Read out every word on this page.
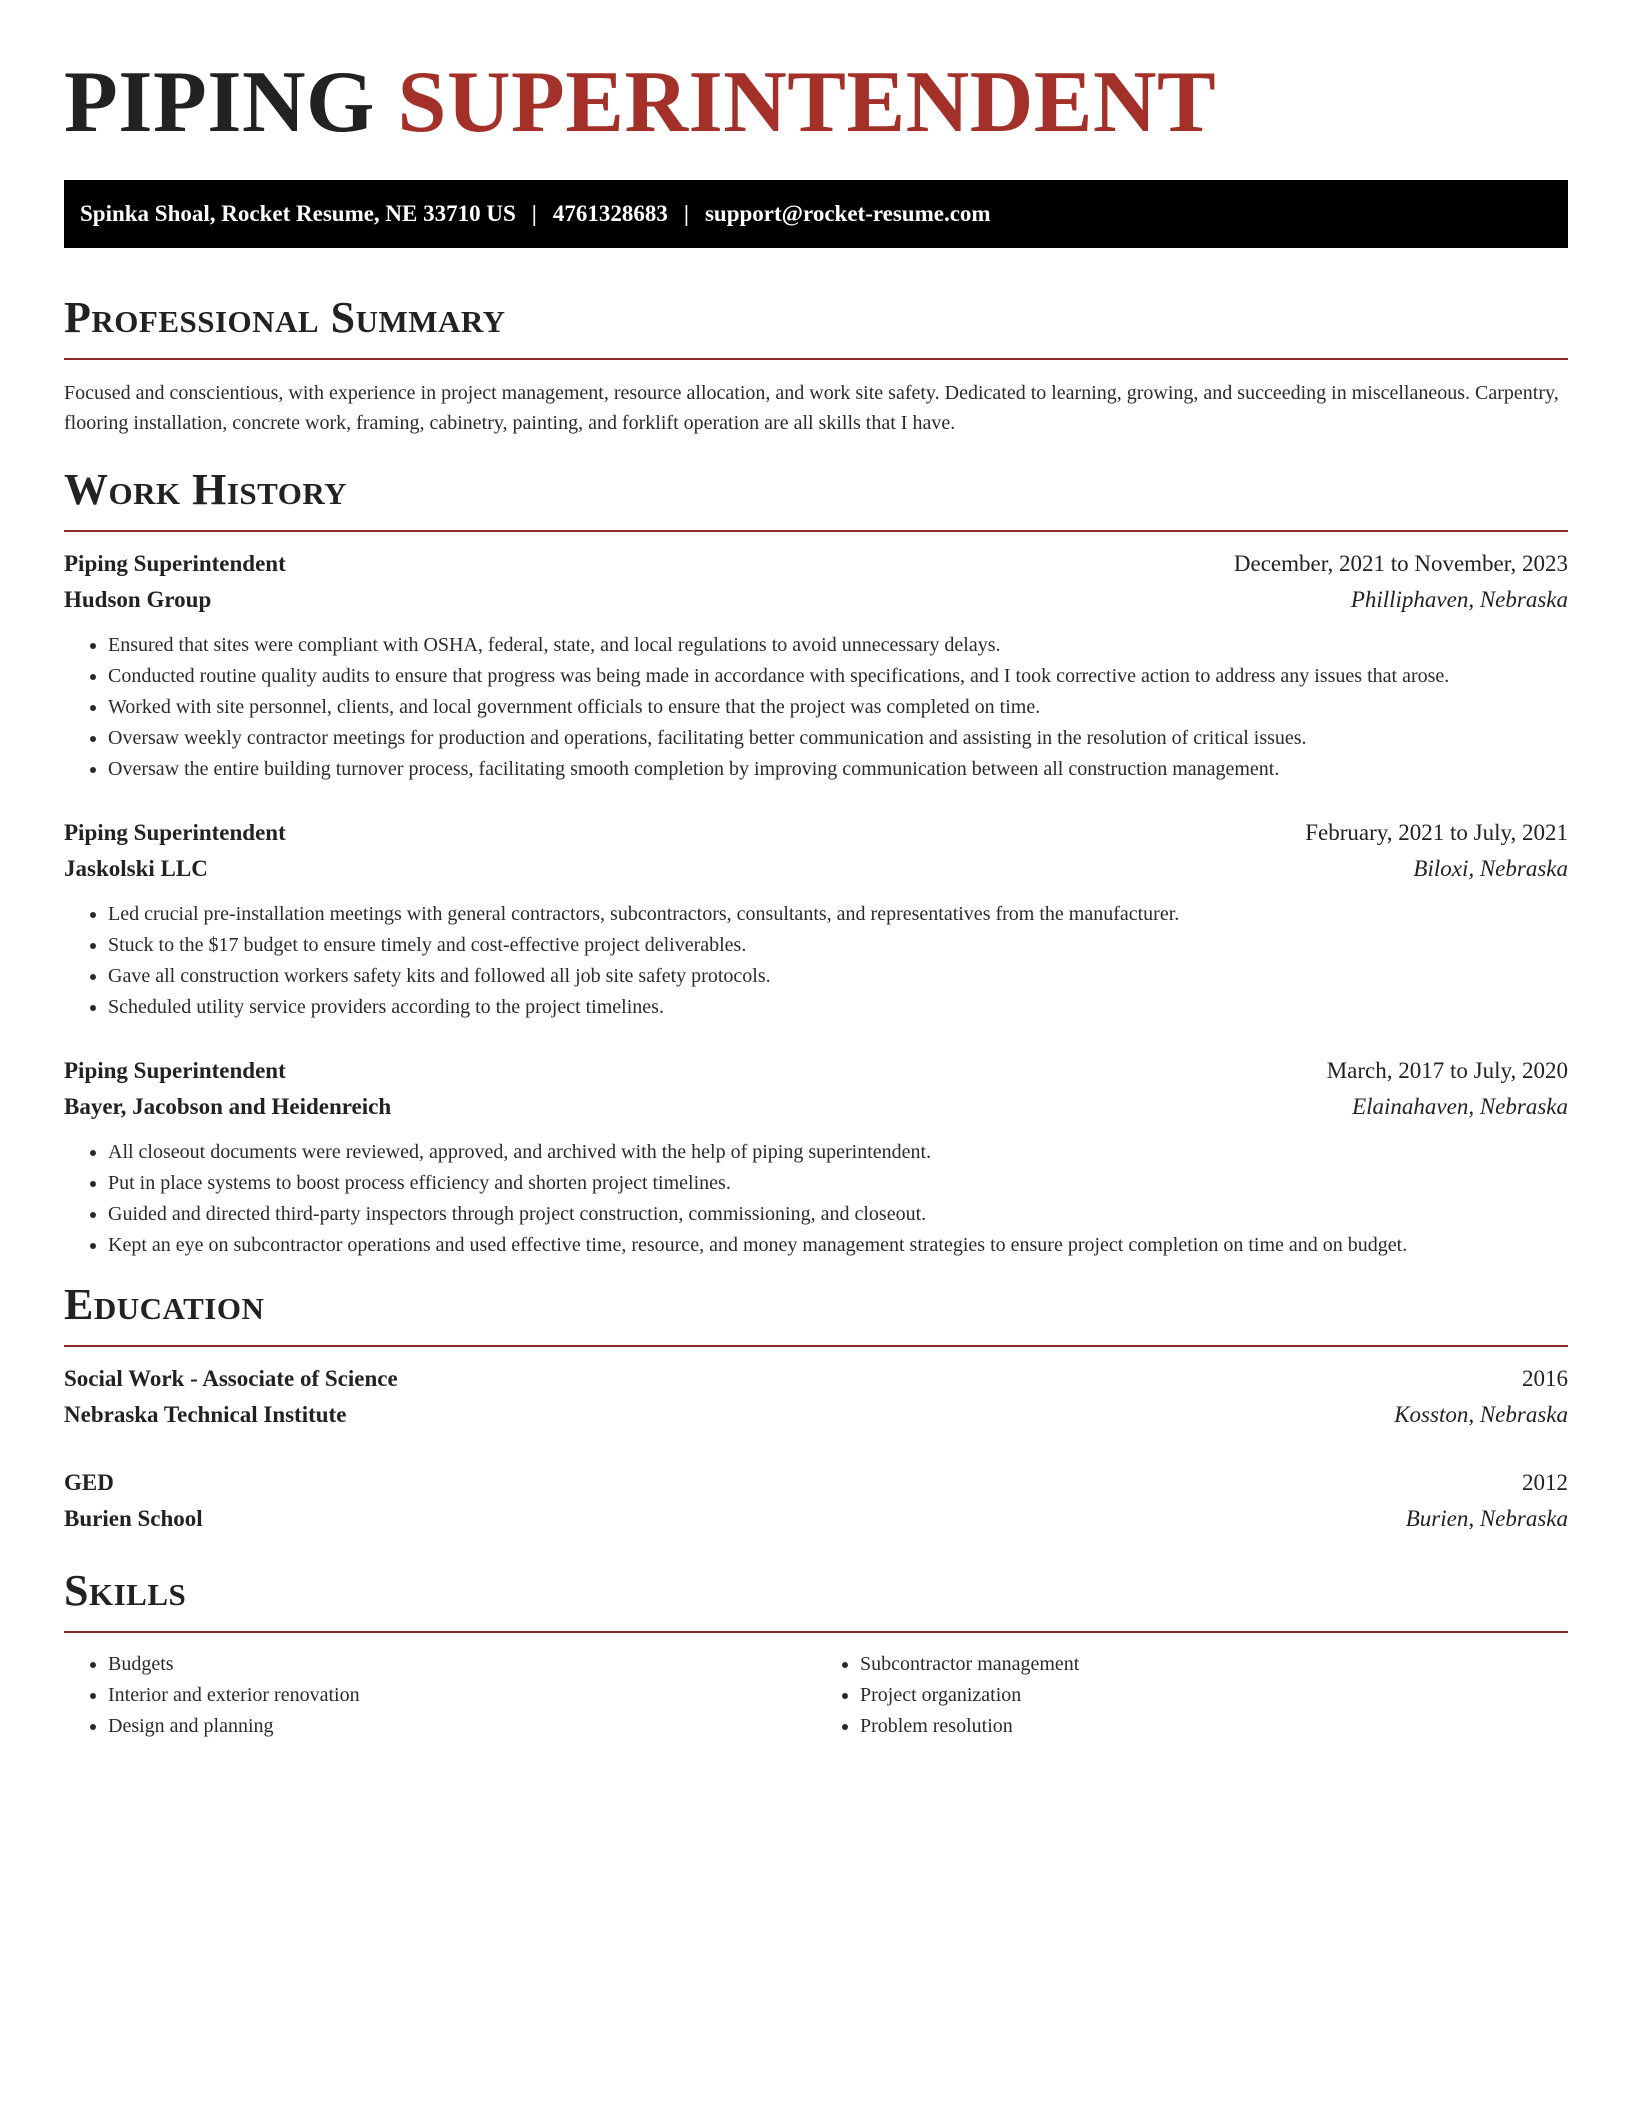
PIPING SUPERINTENDENT
Spinka Shoal, Rocket Resume, NE 33710 US | 4761328683 | support@rocket-resume.com
Professional Summary

Focused and conscientious, with experience in project management, resource allocation, and work site safety. Dedicated to learning, growing, and succeeding in miscellaneous. Carpentry, flooring installation, concrete work, framing, cabinetry, painting, and forklift operation are all skills that I have.

Work History
Piping Superintendent	December, 2021 to November, 2023
Hudson Group	Philliphaven, Nebraska
• Ensured that sites were compliant with OSHA, federal, state, and local regulations to avoid unnecessary delays.
• Conducted routine quality audits to ensure that progress was being made in accordance with specifications, and I took corrective action to address any issues that arose.
• Worked with site personnel, clients, and local government officials to ensure that the project was completed on time.
• Oversaw weekly contractor meetings for production and operations, facilitating better communication and assisting in the resolution of critical issues.
• Oversaw the entire building turnover process, facilitating smooth completion by improving communication between all construction management.
Piping Superintendent	February, 2021 to July, 2021
Jaskolski LLC	Biloxi, Nebraska
• Led crucial pre-installation meetings with general contractors, subcontractors, consultants, and representatives from the manufacturer.
• Stuck to the $17 budget to ensure timely and cost-effective project deliverables.
• Gave all construction workers safety kits and followed all job site safety protocols.
• Scheduled utility service providers according to the project timelines.
Piping Superintendent	March, 2017 to July, 2020
Bayer, Jacobson and Heidenreich	Elainahaven, Nebraska
• All closeout documents were reviewed, approved, and archived with the help of piping superintendent.
• Put in place systems to boost process efficiency and shorten project timelines.
• Guided and directed third-party inspectors through project construction, commissioning, and closeout.
• Kept an eye on subcontractor operations and used effective time, resource, and money management strategies to ensure project completion on time and on budget.
Education
Social Work - Associate of Science	2016
Nebraska Technical Institute	Kosston, Nebraska
GED	2012
Burien School	Burien, Nebraska
Skills
• Budgets
• Interior and exterior renovation
• Design and planning
• Subcontractor management
• Project organization
• Problem resolution
